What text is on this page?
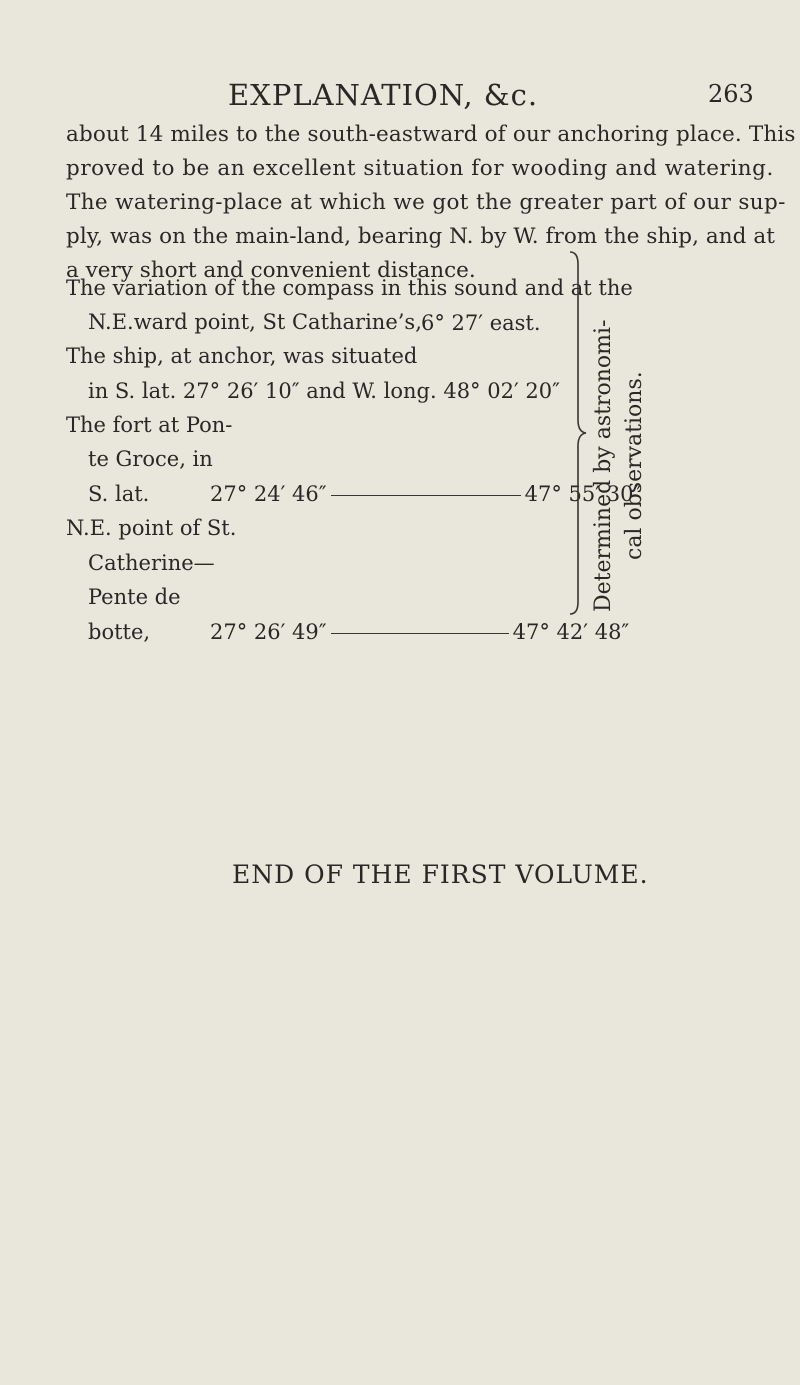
EXPLANATION, &c.	263
about 14 miles to the south-eastward of our anchoring place. This
proved to be an excellent situation for wooding and watering.
The watering-place at which we got the greater part of our sup-
ply, was on the main-land, bearing N. by W. from the ship, and at
a very short and convenient distance.
The variation of the compass in this sound and at the
N.E.ward point, St Catharine’s, 6° 27′ east.
The ship, at anchor, was situated
in S. lat. 27° 26′ 10″ and W. long. 48° 02′ 20″
The fort at Pon-
te Groce, in
S. lat.	27° 24′ 46″	47° 55′ 30″
N.E. point of St.
Catherine—
Pente de
botte,	27° 26′ 49″	47° 42′ 48″
Determined by astronomi- cal observations.
END OF THE FIRST VOLUME.
